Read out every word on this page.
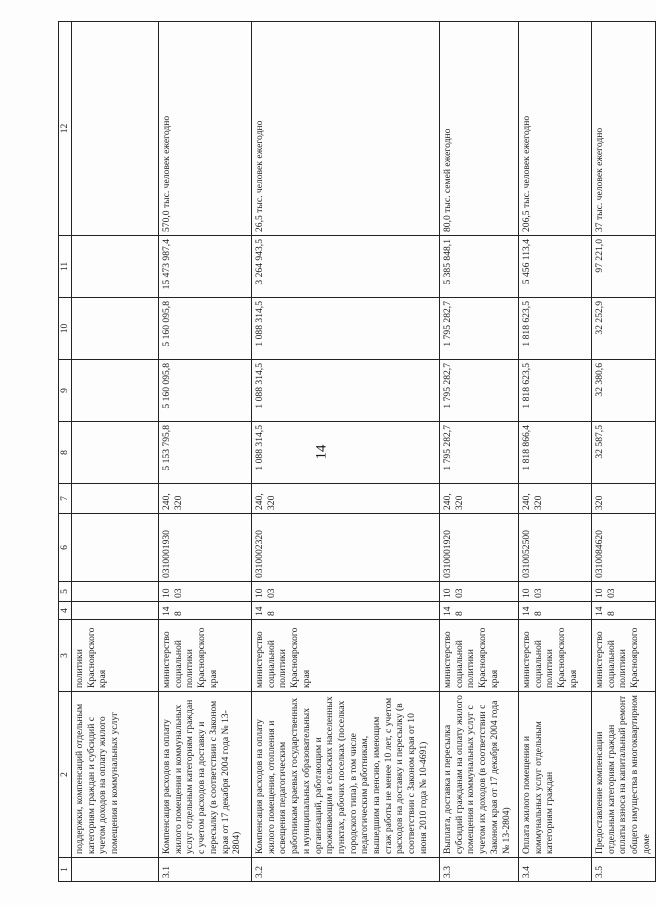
14
1	2	3	4	5	6	7	8	9	10	11	12
	поддержки, компенсаций отдельным категориям граждан и субсидий с учетом доходов на оплату жилого помещения и коммунальных услуг	политики Красноярского края									
3.1	Компенсация расходов на оплату жилого помещения и коммунальных услуг отдельным категориям граждан с учетом расходов на доставку и пересылку (в соответствии с Законом края от 17 декабря 2004 года № 13-2804)	министерство социальной политики Красноярского края	148	1003	0310001930	240, 320	5 153 795,8	5 160 095,8	5 160 095,8	15 473 987,4	570,0 тыс. человек ежегодно
3.2	Компенсация расходов на оплату жилого помещения, отопления и освещения педагогическим работникам краевых государственных и муниципальных образовательных организаций, работающим и проживающим в сельских населенных пунктах, рабочих поселках (поселках городского типа), в том числе педагогическим работникам, вышедшим на пенсию, имеющим стаж работы не менее 10 лет, с учетом расходов на доставку и пересылку (в соответствии с Законом края от 10 июня 2010 года № 10-4691)	министерство социальной политики Красноярского края	148	1003	0310002320	240, 320	1 088 314,5	1 088 314,5	1 088 314,5	3 264 943,5	26,5 тыс. человек ежегодно
3.3	Выплата, доставка и пересылка субсидий гражданам на оплату жилого помещения и коммунальных услуг с учетом их доходов (в соответствии с Законом края от 17 декабря 2004 года № 13-2804)	министерство социальной политики Красноярского края	148	1003	0310001920	240, 320	1 795 282,7	1 795 282,7	1 795 282,7	5 385 848,1	80,0 тыс. семей ежегодно
3.4	Оплата жилого помещения и коммунальных услуг отдельным категориям граждан	министерство социальной политики Красноярского края	148	1003	0310052500	240, 320	1 818 866,4	1 818 623,5	1 818 623,5	5 456 113,4	206,5 тыс. человек ежегодно
3.5	Предоставление компенсации отдельным категориям граждан оплаты взноса на капитальный ремонт общего имущества в многоквартирном доме	министерство социальной политики Красноярского	148	1003	0310084620	320	32 587,5	32 380,6	32 252,9	97 221,0	37 тыс. человек ежегодно
